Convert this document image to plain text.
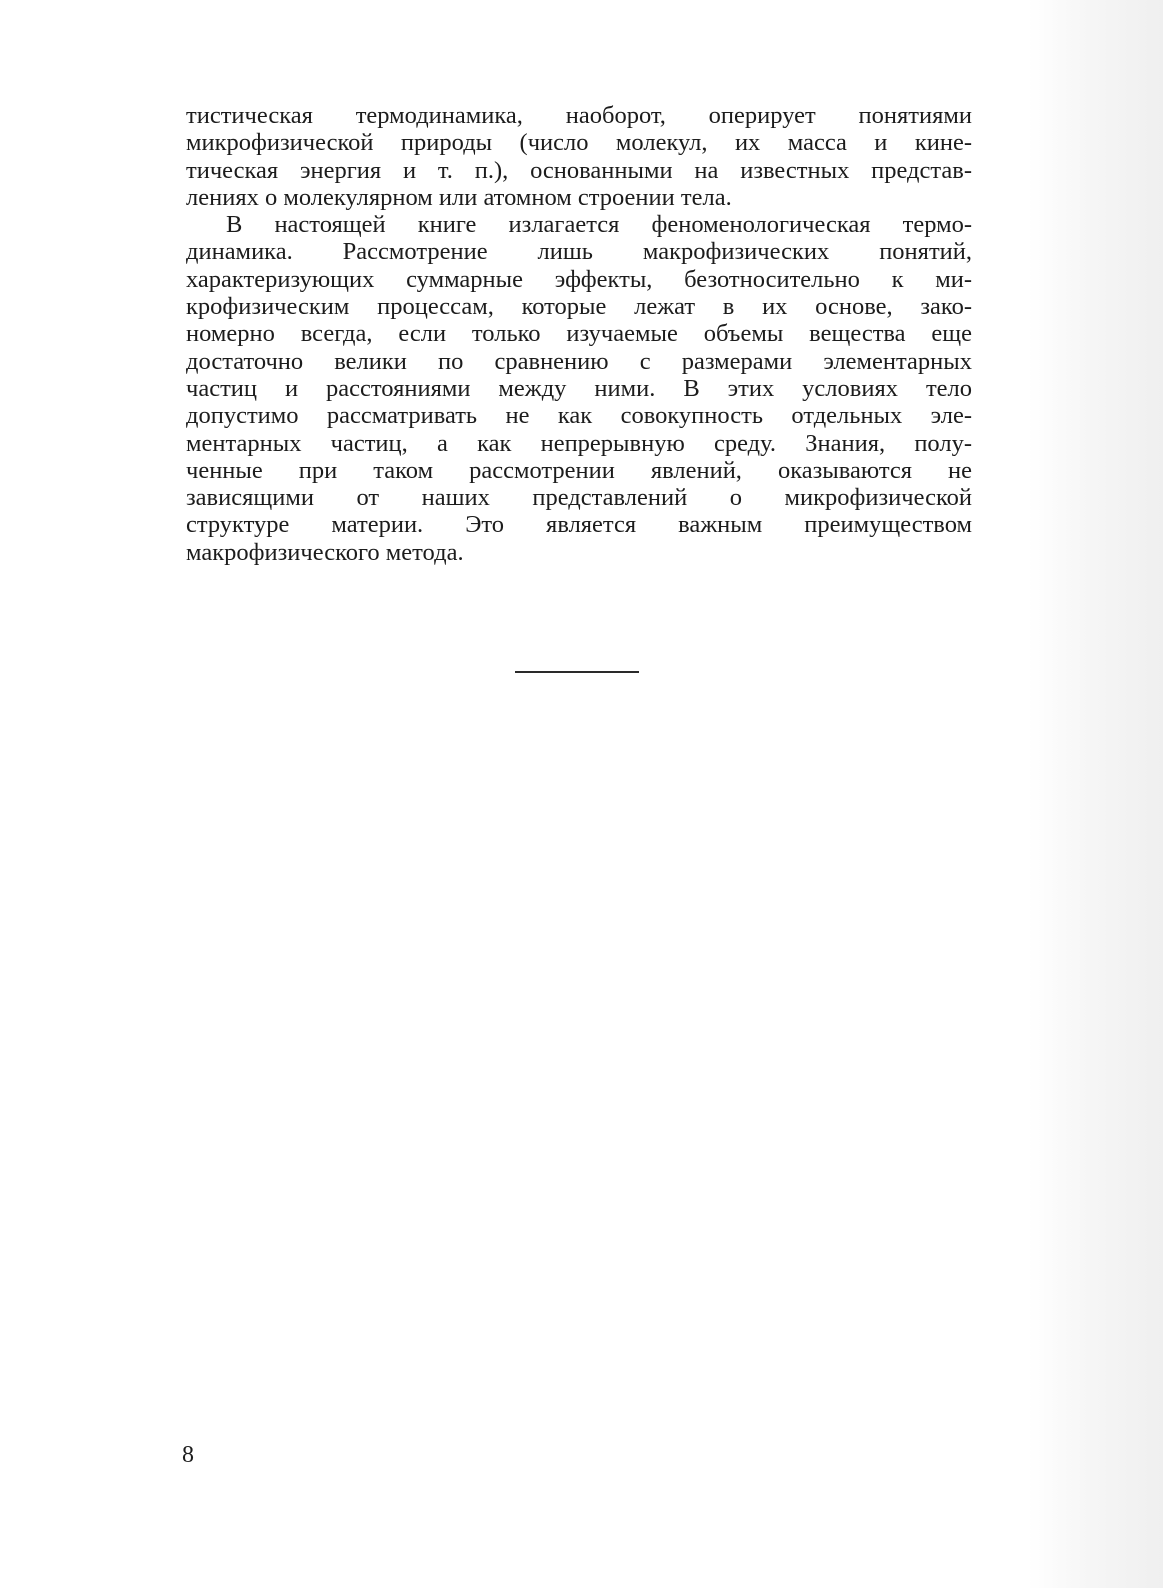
тистическая термодинамика, наоборот, оперирует понятиями
микрофизической природы (число молекул, их масса и кине-
тическая энергия и т. п.), основанными на известных представ-
лениях о молекулярном или атомном строении тела.
В настоящей книге излагается феноменологическая термо-
динамика. Рассмотрение лишь макрофизических понятий,
характеризующих суммарные эффекты, безотносительно к ми-
крофизическим процессам, которые лежат в их основе, зако-
номерно всегда, если только изучаемые объемы вещества еще
достаточно велики по сравнению с размерами элементарных
частиц и расстояниями между ними. В этих условиях тело
допустимо рассматривать не как совокупность отдельных эле-
ментарных частиц, а как непрерывную среду. Знания, полу-
ченные при таком рассмотрении явлений, оказываются не
зависящими от наших представлений о микрофизической
структуре материи. Это является важным преимуществом
макрофизического метода.
8
